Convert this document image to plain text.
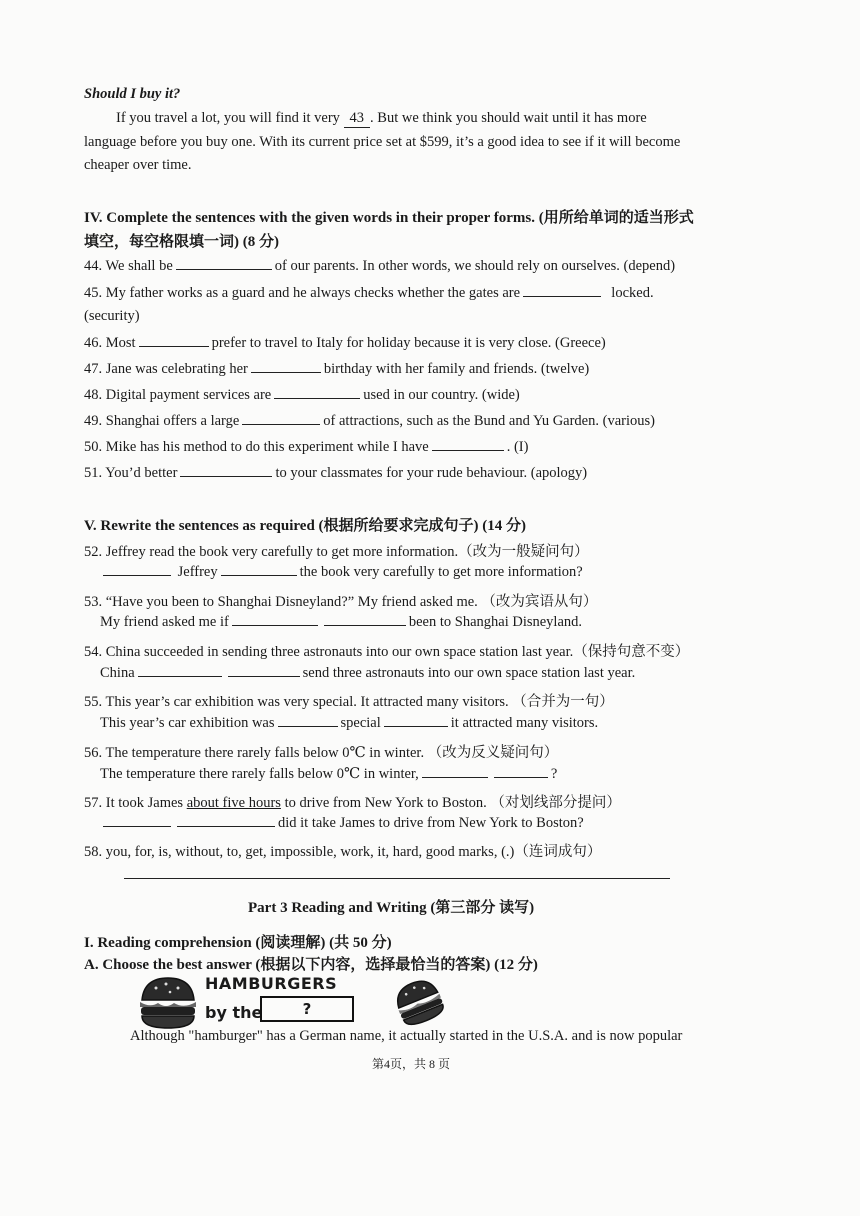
Should I buy it?
If you travel a lot, you will find it very 43 . But we think you should wait until it has more
language before you buy one. With its current price set at $599, it’s a good idea to see if it will become
cheaper over time.
IV. Complete the sentences with the given words in their proper forms. (用所给单词的适当形式
填空，每空格限填一词) (8 分)
44. We shall be	of our parents. In other words, we should rely on ourselves. (depend)
45. My father works as a guard and he always checks whether the gates are	locked.
(security)
46. Most	prefer to travel to Italy for holiday because it is very close. (Greece)
47. Jane was celebrating her	birthday with her family and friends. (twelve)
48. Digital payment services are	used in our country. (wide)
49. Shanghai offers a large	of attractions, such as the Bund and Yu Garden. (various)
50. Mike has his method to do this experiment while I have	. (I)
51. You’d better	to your classmates for your rude behaviour. (apology)
V. Rewrite the sentences as required (根据所给要求完成句子) (14 分)
52. Jeffrey read the book very carefully to get more information.（改为一般疑问句）
Jeffrey	the book very carefully to get more information?
53. “Have you been to Shanghai Disneyland?” My friend asked me. （改为宾语从句）
My friend asked me if	been to Shanghai Disneyland.
54. China succeeded in sending three astronauts into our own space station last year.（保持句意不变）
China	send three astronauts into our own space station last year.
55. This year’s car exhibition was very special. It attracted many visitors. （合并为一句）
This year’s car exhibition was	special	it attracted many visitors.
56. The temperature there rarely falls below 0℃ in winter. （改为反义疑问句）
The temperature there rarely falls below 0℃ in winter,	?
57. It took James about five hours to drive from New York to Boston. （对划线部分提问）
did it take James to drive from New York to Boston?
58. you, for, is, without, to, get, impossible, work, it, hard, good marks, (.)（连词成句）
Part 3 Reading and Writing (第三部分 读写)
I. Reading comprehension (阅读理解) (共 50 分)
A. Choose the best answer (根据以下内容，选择最恰当的答案) (12 分)
HAMBURGERS
by the	?
Although "hamburger" has a German name, it actually started in the U.S.A. and is now popular
第4页，共 8 页
